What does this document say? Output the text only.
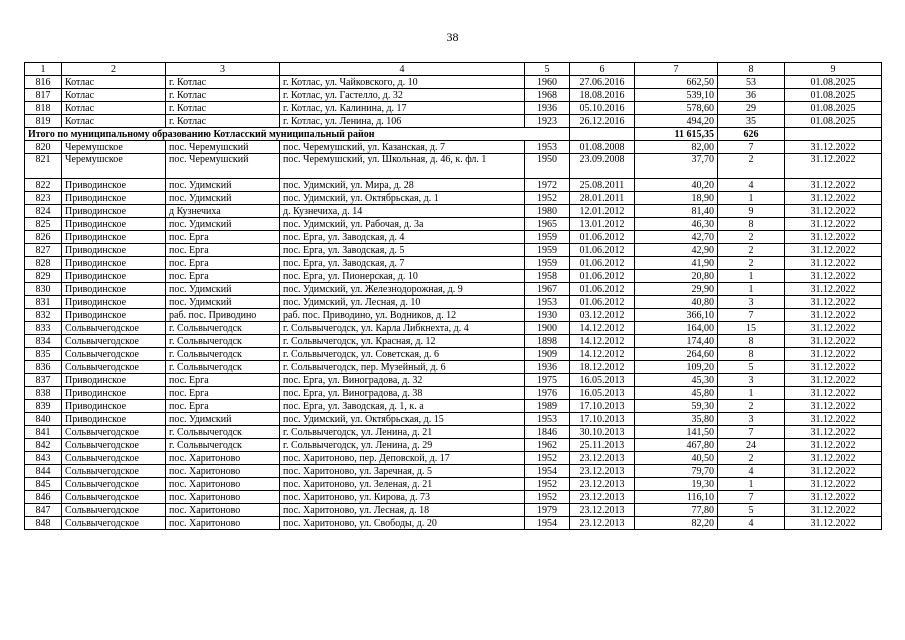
38
1	2	3	4	5	6	7	8	9
816	Котлас	г. Котлас	г. Котлас, ул. Чайковского, д. 10	1960	27.06.2016	662,50	53	01.08.2025
817	Котлас	г. Котлас	г. Котлас, ул. Гастелло, д. 32	1968	18.08.2016	539,10	36	01.08.2025
818	Котлас	г. Котлас	г. Котлас, ул. Калинина, д. 17	1936	05.10.2016	578,60	29	01.08.2025
819	Котлас	г. Котлас	г. Котлас, ул. Ленина, д. 106	1923	26.12.2016	494,20	35	01.08.2025
Итого по муниципальному образованию Котласский муниципальный район						11 615,35	626	
820	Черемушское	пос. Черемушский	пос. Черемушский, ул. Казанская, д. 7	1953	01.08.2008	82,00	7	31.12.2022
821	Черемушское	пос. Черемушский	пос. Черемушский, ул. Школьная, д. 46, к. фл. 1	1950	23.09.2008	37,70	2	31.12.2022
822	Приводинское	пос. Удимский	пос. Удимский, ул. Мира, д. 28	1972	25.08.2011	40,20	4	31.12.2022
823	Приводинское	пос. Удимский	пос. Удимский, ул. Октябрьская, д. 1	1952	28.01.2011	18,90	1	31.12.2022
824	Приводинское	д Кузнечиха	д. Кузнечиха, д. 14	1980	12.01.2012	81,40	9	31.12.2022
825	Приводинское	пос. Удимский	пос. Удимский, ул. Рабочая, д. 3а	1965	13.01.2012	46,30	8	31.12.2022
826	Приводинское	пос. Ерга	пос. Ерга, ул. Заводская, д. 4	1959	01.06.2012	42,70	2	31.12.2022
827	Приводинское	пос. Ерга	пос. Ерга, ул. Заводская, д. 5	1959	01.06.2012	42,90	2	31.12.2022
828	Приводинское	пос. Ерга	пос. Ерга, ул. Заводская, д. 7	1959	01.06.2012	41,90	2	31.12.2022
829	Приводинское	пос. Ерга	пос. Ерга, ул. Пионерская, д. 10	1958	01.06.2012	20,80	1	31.12.2022
830	Приводинское	пос. Удимский	пос. Удимский, ул. Железнодорожная, д. 9	1967	01.06.2012	29,90	1	31.12.2022
831	Приводинское	пос. Удимский	пос. Удимский, ул. Лесная, д. 10	1953	01.06.2012	40,80	3	31.12.2022
832	Приводинское	раб. пос. Приводино	раб. пос. Приводино, ул. Водников, д. 12	1930	03.12.2012	366,10	7	31.12.2022
833	Сольвычегодское	г. Сольвычегодск	г. Сольвычегодск, ул. Карла Либкнехта, д. 4	1900	14.12.2012	164,00	15	31.12.2022
834	Сольвычегодское	г. Сольвычегодск	г. Сольвычегодск, ул. Красная, д. 12	1898	14.12.2012	174,40	8	31.12.2022
835	Сольвычегодское	г. Сольвычегодск	г. Сольвычегодск, ул. Советская, д. 6	1909	14.12.2012	264,60	8	31.12.2022
836	Сольвычегодское	г. Сольвычегодск	г. Сольвычегодск, пер. Музейный, д. 6	1936	18.12.2012	109,20	5	31.12.2022
837	Приводинское	пос. Ерга	пос. Ерга, ул. Виноградова, д. 32	1975	16.05.2013	45,30	3	31.12.2022
838	Приводинское	пос. Ерга	пос. Ерга, ул. Виноградова, д. 38	1976	16.05.2013	45,80	1	31.12.2022
839	Приводинское	пос. Ерга	пос. Ерга, ул. Заводская, д. 1, к. а	1989	17.10.2013	59,30	2	31.12.2022
840	Приводинское	пос. Удимский	пос. Удимский, ул. Октябрьская, д. 15	1953	17.10.2013	35,80	3	31.12.2022
841	Сольвычегодское	г. Сольвычегодск	г. Сольвычегодск, ул. Ленина, д. 21	1846	30.10.2013	141,50	7	31.12.2022
842	Сольвычегодское	г. Сольвычегодск	г. Сольвычегодск, ул. Ленина, д. 29	1962	25.11.2013	467,80	24	31.12.2022
843	Сольвычегодское	пос. Харитоново	пос. Харитоново, пер. Деповской, д. 17	1952	23.12.2013	40,50	2	31.12.2022
844	Сольвычегодское	пос. Харитоново	пос. Харитоново, ул. Заречная, д. 5	1954	23.12.2013	79,70	4	31.12.2022
845	Сольвычегодское	пос. Харитоново	пос. Харитоново, ул. Зеленая, д. 21	1952	23.12.2013	19,30	1	31.12.2022
846	Сольвычегодское	пос. Харитоново	пос. Харитоново, ул. Кирова, д. 73	1952	23.12.2013	116,10	7	31.12.2022
847	Сольвычегодское	пос. Харитоново	пос. Харитоново, ул. Лесная, д. 18	1979	23.12.2013	77,80	5	31.12.2022
848	Сольвычегодское	пос. Харитоново	пос. Харитоново, ул. Свободы, д. 20	1954	23.12.2013	82,20	4	31.12.2022
